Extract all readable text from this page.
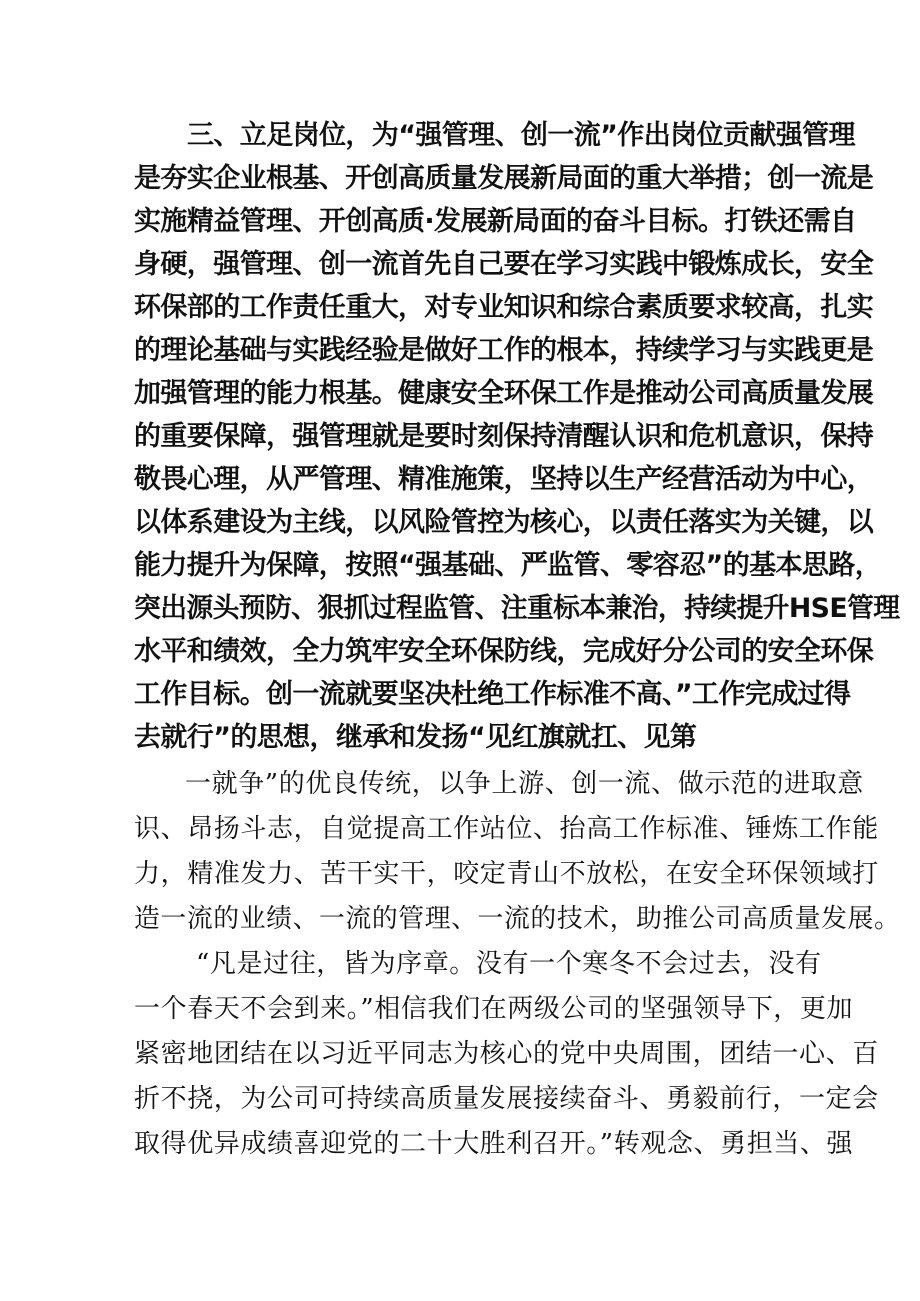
三、立足岗位，为“强管理、创一流”作出岗位贡献强管理
是夯实企业根基、开创高质量发展新局面的重大举措；创一流是
实施精益管理、开创高质·发展新局面的奋斗目标。打铁还需自
身硬，强管理、创一流首先自己要在学习实践中锻炼成长，安全
环保部的工作责任重大，对专业知识和综合素质要求较高，扎实
的理论基础与实践经验是做好工作的根本，持续学习与实践更是
加强管理的能力根基。健康安全环保工作是推动公司高质量发展
的重要保障，强管理就是要时刻保持清醒认识和危机意识，保持
敬畏心理，从严管理、精准施策，坚持以生产经营活动为中心，
以体系建设为主线，以风险管控为核心，以责任落实为关键，以
能力提升为保障，按照“强基础、严监管、零容忍”的基本思路，
突出源头预防、狠抓过程监管、注重标本兼治，持续提升HSE管理
水平和绩效，全力筑牢安全环保防线，完成好分公司的安全环保
工作目标。创一流就要坚决杜绝工作标准不高、”工作完成过得
去就行”的思想，继承和发扬“见红旗就扛、见第
一就争”的优良传统，以争上游、创一流、做示范的进取意
识、昂扬斗志，自觉提高工作站位、抬高工作标准、锤炼工作能
力，精准发力、苦干实干，咬定青山不放松，在安全环保领域打
造一流的业绩、一流的管理、一流的技术，助推公司高质量发展。
“凡是过往，皆为序章。没有一个寒冬不会过去，没有
一个春天不会到来。”相信我们在两级公司的坚强领导下，更加
紧密地团结在以习近平同志为核心的党中央周围，团结一心、百
折不挠，为公司可持续高质量发展接续奋斗、勇毅前行，一定会
取得优异成绩喜迎党的二十大胜利召开。”转观念、勇担当、强
